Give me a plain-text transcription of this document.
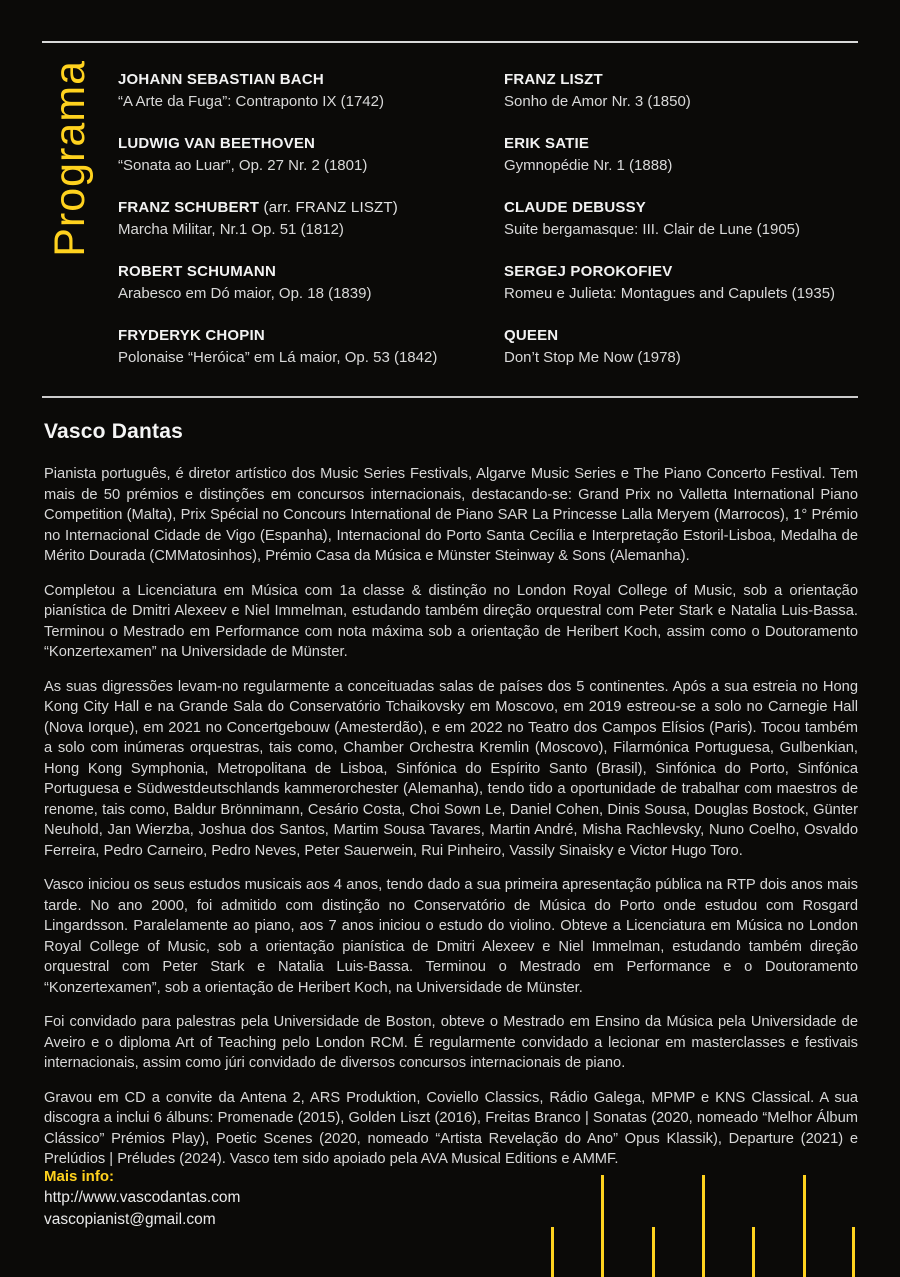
Programa JOHANN SEBASTIAN BACH
“A Arte da Fuga”: Contraponto IX (1742)
LUDWIG VAN BEETHOVEN
“Sonata ao Luar”, Op. 27 Nr. 2 (1801)
FRANZ SCHUBERT (arr. FRANZ LISZT)
Marcha Militar, Nr.1 Op. 51 (1812)
ROBERT SCHUMANN
Arabesco em Dó maior, Op. 18 (1839)
FRYDERYK CHOPIN
Polonaise “Heróica” em Lá maior, Op. 53 (1842)
FRANZ LISZT
Sonho de Amor Nr. 3 (1850)
ERIK SATIE
Gymnopédie Nr. 1 (1888)
CLAUDE DEBUSSY
Suite bergamasque: III. Clair de Lune (1905)
SERGEJ POROKOFIEV
Romeu e Julieta: Montagues and Capulets (1935)
QUEEN
Don’t Stop Me Now (1978)
Vasco Dantas

Pianista português, é diretor artístico dos Music Series Festivals, Algarve Music Series e The Piano Concerto Festival. Tem mais de 50 prémios e distinções em concursos internacionais, destacando-se: Grand Prix no Valletta International Piano Competition (Malta), Prix Spécial no Concours International de Piano SAR La Princesse Lalla Meryem (Marrocos), 1° Prémio no Internacional Cidade de Vigo (Espanha), Internacional do Porto Santa Cecília e Interpretação Estoril-Lisboa, Medalha de Mérito Dourada (CMMatosinhos), Prémio Casa da Música e Münster Steinway & Sons (Alemanha).

Completou a Licenciatura em Música com 1a classe & distinção no London Royal College of Music, sob a orientação pianística de Dmitri Alexeev e Niel Immelman, estudando também direção orquestral com Peter Stark e Natalia Luis-Bassa. Terminou o Mestrado em Performance com nota máxima sob a orientação de Heribert Koch, assim como o Doutoramento “Konzertexamen” na Universidade de Münster.

As suas digressões levam-no regularmente a conceituadas salas de países dos 5 continentes. Após a sua estreia no Hong Kong City Hall e na Grande Sala do Conservatório Tchaikovsky em Moscovo, em 2019 estreou-se a solo no Carnegie Hall (Nova Iorque), em 2021 no Concertgebouw (Amesterdão), e em 2022 no Teatro dos Campos Elísios (Paris). Tocou também a solo com inúmeras orquestras, tais como, Chamber Orchestra Kremlin (Moscovo), Filarmónica Portuguesa, Gulbenkian, Hong Kong Symphonia, Metropolitana de Lisboa, Sinfónica do Espírito Santo (Brasil), Sinfónica do Porto, Sinfónica Portuguesa e Südwestdeutschlands kammerorchester (Alemanha), tendo tido a oportunidade de trabalhar com maestros de renome, tais como, Baldur Brönnimann, Cesário Costa, Choi Sown Le, Daniel Cohen, Dinis Sousa, Douglas Bostock, Günter Neuhold, Jan Wierzba, Joshua dos Santos, Martim Sousa Tavares, Martin André, Misha Rachlevsky, Nuno Coelho, Osvaldo Ferreira, Pedro Carneiro, Pedro Neves, Peter Sauerwein, Rui Pinheiro, Vassily Sinaisky e Victor Hugo Toro.

Vasco iniciou os seus estudos musicais aos 4 anos, tendo dado a sua primeira apresentação pública na RTP dois anos mais tarde. No ano 2000, foi admitido com distinção no Conservatório de Música do Porto onde estudou com Rosgard Lingardsson. Paralelamente ao piano, aos 7 anos iniciou o estudo do violino. Obteve a Licenciatura em Música no London Royal College of Music, sob a orientação pianística de Dmitri Alexeev e Niel Immelman, estudando também direção orquestral com Peter Stark e Natalia Luis-Bassa. Terminou o Mestrado em Performance e o Doutoramento “Konzertexamen”, sob a orientação de Heribert Koch, na Universidade de Münster.

Foi convidado para palestras pela Universidade de Boston, obteve o Mestrado em Ensino da Música pela Universidade de Aveiro e o diploma Art of Teaching pelo London RCM. É regularmente convidado a lecionar em masterclasses e festivais internacionais, assim como júri convidado de diversos concursos internacionais de piano.

Gravou em CD a convite da Antena 2, ARS Produktion, Coviello Classics, Rádio Galega, MPMP e KNS Classical. A sua discogra a inclui 6 álbuns: Promenade (2015), Golden Liszt (2016), Freitas Branco | Sonatas (2020, nomeado “Melhor Álbum Clássico” Prémios Play), Poetic Scenes (2020, nomeado “Artista Revelação do Ano” Opus Klassik), Departure (2021) e Prelúdios | Préludes (2024). Vasco tem sido apoiado pela AVA Musical Editions e AMMF.

Mais info:
http://www.vascodantas.com
vascopianist@gmail.com
